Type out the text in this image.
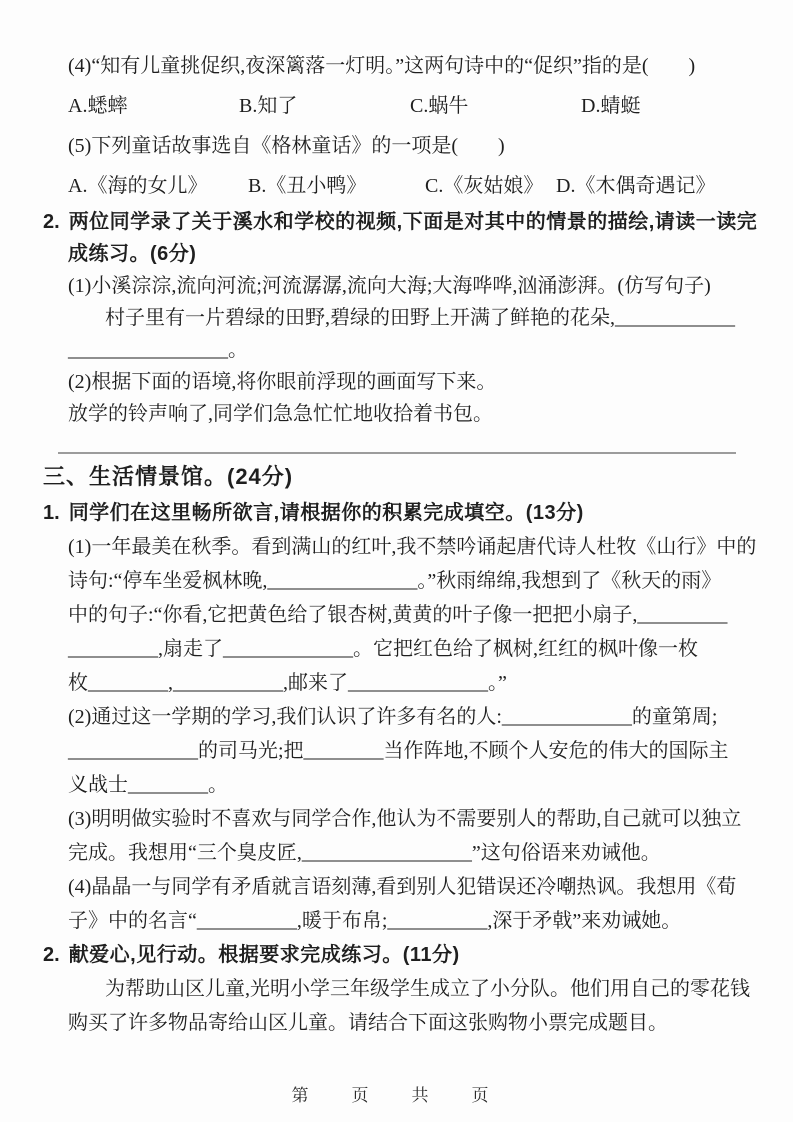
(4)“知有儿童挑促织,夜深篱落一灯明。”这两句诗中的“促织”指的是(　　)
A.蟋蟀	B.知了	C.蜗牛	D.蜻蜓
(5)下列童话故事选自《格林童话》的一项是(　　)
A.《海的女儿》	B.《丑小鸭》	C.《灰姑娘》 D.《木偶奇遇记》
2. 两位同学录了关于溪水和学校的视频,下面是对其中的情景的描绘,请读一读完
成练习。(6分)
(1)小溪淙淙,流向河流;河流潺潺,流向大海;大海哗哗,汹涌澎湃。(仿写句子)
村子里有一片碧绿的田野,碧绿的田野上开满了鲜艳的花朵,____________
________________。
(2)根据下面的语境,将你眼前浮现的画面写下来。
放学的铃声响了,同学们急急忙忙地收拾着书包。
三、生活情景馆。(24分)
1. 同学们在这里畅所欲言,请根据你的积累完成填空。(13分)
(1)一年最美在秋季。看到满山的红叶,我不禁吟诵起唐代诗人杜牧《山行》中的
诗句:“停车坐爱枫林晚,_______________。”秋雨绵绵,我想到了《秋天的雨》
中的句子:“你看,它把黄色给了银杏树,黄黄的叶子像一把把小扇子,_________
_________,扇走了_____________。它把红色给了枫树,红红的枫叶像一枚
枚________,___________,邮来了______________。”
(2)通过这一学期的学习,我们认识了许多有名的人:_____________的童第周;
_____________的司马光;把________当作阵地,不顾个人安危的伟大的国际主
义战士________。
(3)明明做实验时不喜欢与同学合作,他认为不需要别人的帮助,自己就可以独立
完成。我想用“三个臭皮匠,_________________”这句俗语来劝诫他。
(4)晶晶一与同学有矛盾就言语刻薄,看到别人犯错误还冷嘲热讽。我想用《荀
子》中的名言“__________,暖于布帛;__________,深于矛戟”来劝诫她。
2. 献爱心,见行动。根据要求完成练习。(11分)
为帮助山区儿童,光明小学三年级学生成立了小分队。他们用自己的零花钱
购买了许多物品寄给山区儿童。请结合下面这张购物小票完成题目。
第　页　共　页
